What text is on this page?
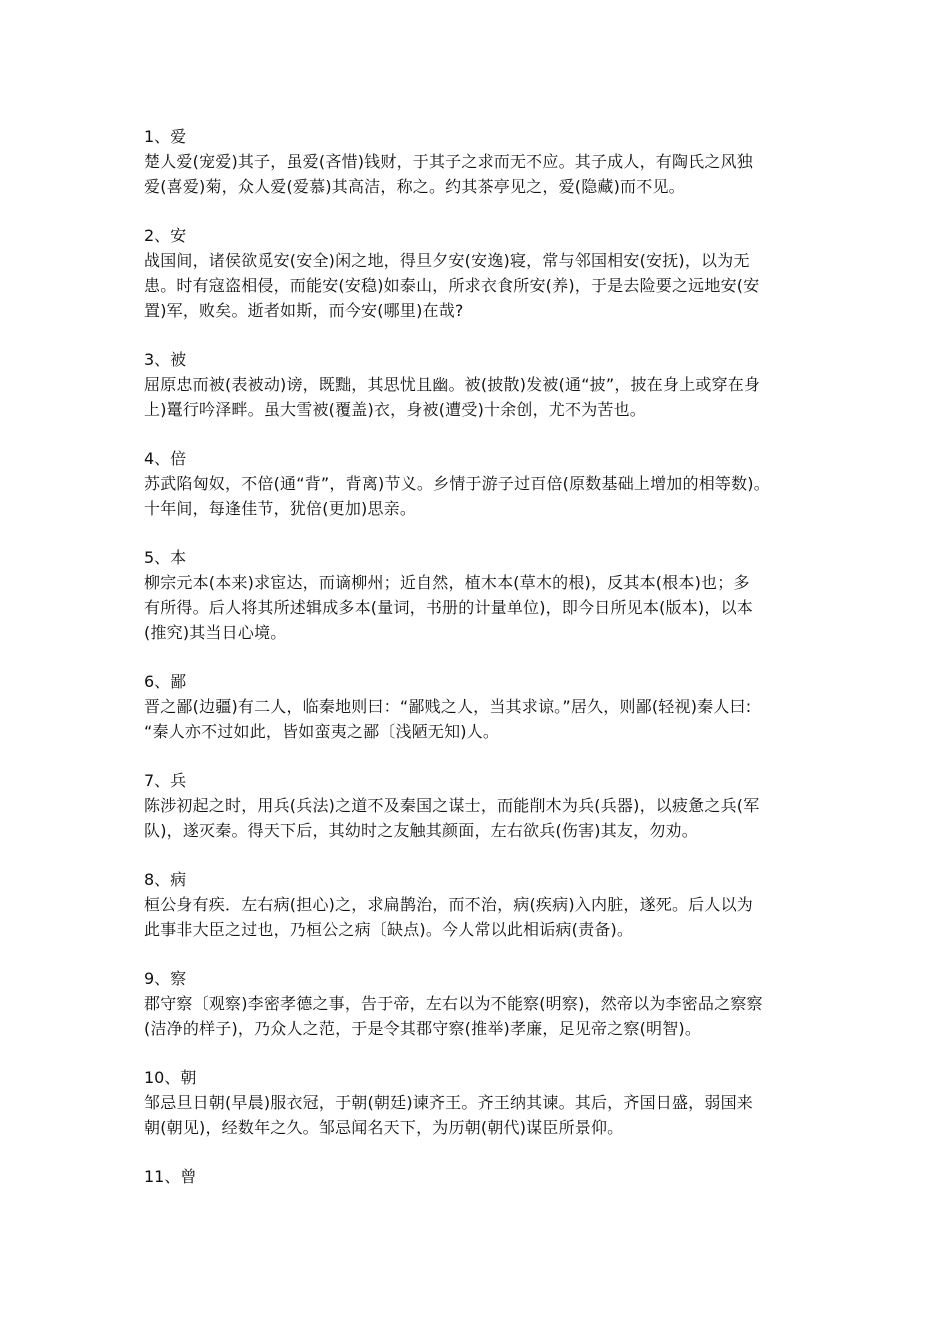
1、爱
楚人爱(宠爱)其子，虽爱(吝惜)钱财，于其子之求而无不应。其子成人，有陶氏之风独
爱(喜爱)菊，众人爱(爱慕)其高洁，称之。约其茶亭见之，爱(隐藏)而不见。
2、安
战国间，诸侯欲觅安(安全)闲之地，得旦夕安(安逸)寝，常与邻国相安(安抚)，以为无
患。时有寇盗相侵，而能安(安稳)如泰山，所求衣食所安(养)，于是去险要之远地安(安
置)军，败矣。逝者如斯，而今安(哪里)在哉?
3、被
屈原忠而被(表被动)谤，既黜，其思忧且幽。被(披散)发被(通“披”，披在身上或穿在身
上)鼍行吟泽畔。虽大雪被(覆盖)衣，身被(遭受)十余创，尤不为苦也。
4、倍
苏武陷匈奴，不倍(通“背”，背离)节义。乡情于游子过百倍(原数基础上增加的相等数)。
十年间，每逢佳节，犹倍(更加)思亲。
5、本
柳宗元本(本来)求宦达，而谪柳州；近自然，植木本(草木的根)，反其本(根本)也；多
有所得。后人将其所述辑成多本(量词，书册的计量单位)，即今日所见本(版本)，以本
(推究)其当日心境。
6、鄙
晋之鄙(边疆)有二人，临秦地则曰：“鄙贱之人，当其求谅。”居久，则鄙(轻视)秦人曰:
“秦人亦不过如此，皆如蛮夷之鄙〔浅陋无知)人。
7、兵
陈涉初起之时，用兵(兵法)之道不及秦国之谋士，而能削木为兵(兵器)，以疲惫之兵(军
队)，遂灭秦。得天下后，其幼时之友触其颜面，左右欲兵(伤害)其友，勿劝。
8、病
桓公身有疾．左右病(担心)之，求扁鹊治，而不治，病(疾病)入内脏，遂死。后人以为
此事非大臣之过也，乃桓公之病〔缺点)。今人常以此相诟病(责备)。
9、察
郡守察〔观察)李密孝德之事，告于帝，左右以为不能察(明察)，然帝以为李密品之察察
(洁净的样子)，乃众人之范，于是令其郡守察(推举)孝廉，足见帝之察(明智)。
10、朝
邹忌旦日朝(早晨)服衣冠，于朝(朝廷)谏齐王。齐王纳其谏。其后，齐国日盛，弱国来
朝(朝见)，经数年之久。邹忌闻名天下，为历朝(朝代)谋臣所景仰。
11、曾
